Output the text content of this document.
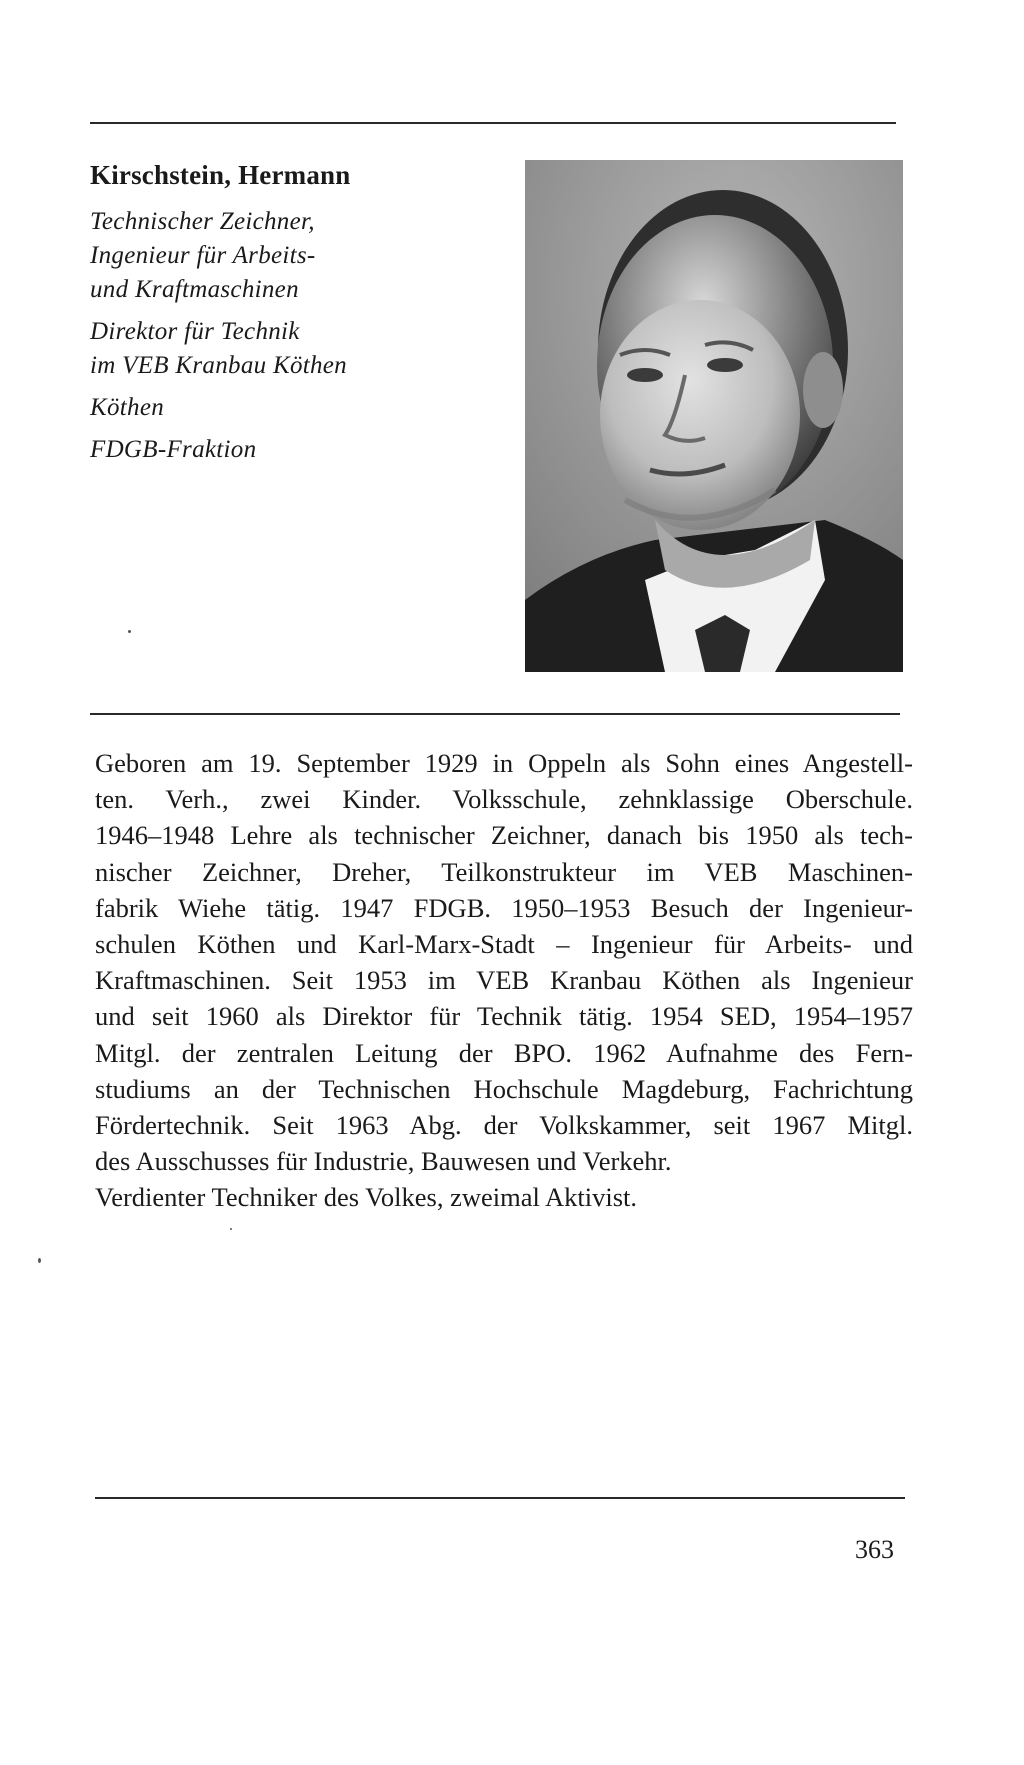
Kirschstein, Hermann
Technischer Zeichner,
Ingenieur für Arbeits-
und Kraftmaschinen
Direktor für Technik
im VEB Kranbau Köthen
Köthen
FDGB-Fraktion
Geboren am 19. September 1929 in Oppeln als Sohn eines Angestell-
ten. Verh., zwei Kinder. Volksschule, zehnklassige Oberschule.
1946–1948 Lehre als technischer Zeichner, danach bis 1950 als tech-
nischer Zeichner, Dreher, Teilkonstrukteur im VEB Maschinen-
fabrik Wiehe tätig. 1947 FDGB. 1950–1953 Besuch der Ingenieur-
schulen Köthen und Karl-Marx-Stadt – Ingenieur für Arbeits- und
Kraftmaschinen. Seit 1953 im VEB Kranbau Köthen als Ingenieur
und seit 1960 als Direktor für Technik tätig. 1954 SED, 1954–1957
Mitgl. der zentralen Leitung der BPO. 1962 Aufnahme des Fern-
studiums an der Technischen Hochschule Magdeburg, Fachrichtung
Fördertechnik. Seit 1963 Abg. der Volkskammer, seit 1967 Mitgl.
des Ausschusses für Industrie, Bauwesen und Verkehr.
Verdienter Techniker des Volkes, zweimal Aktivist.

363
